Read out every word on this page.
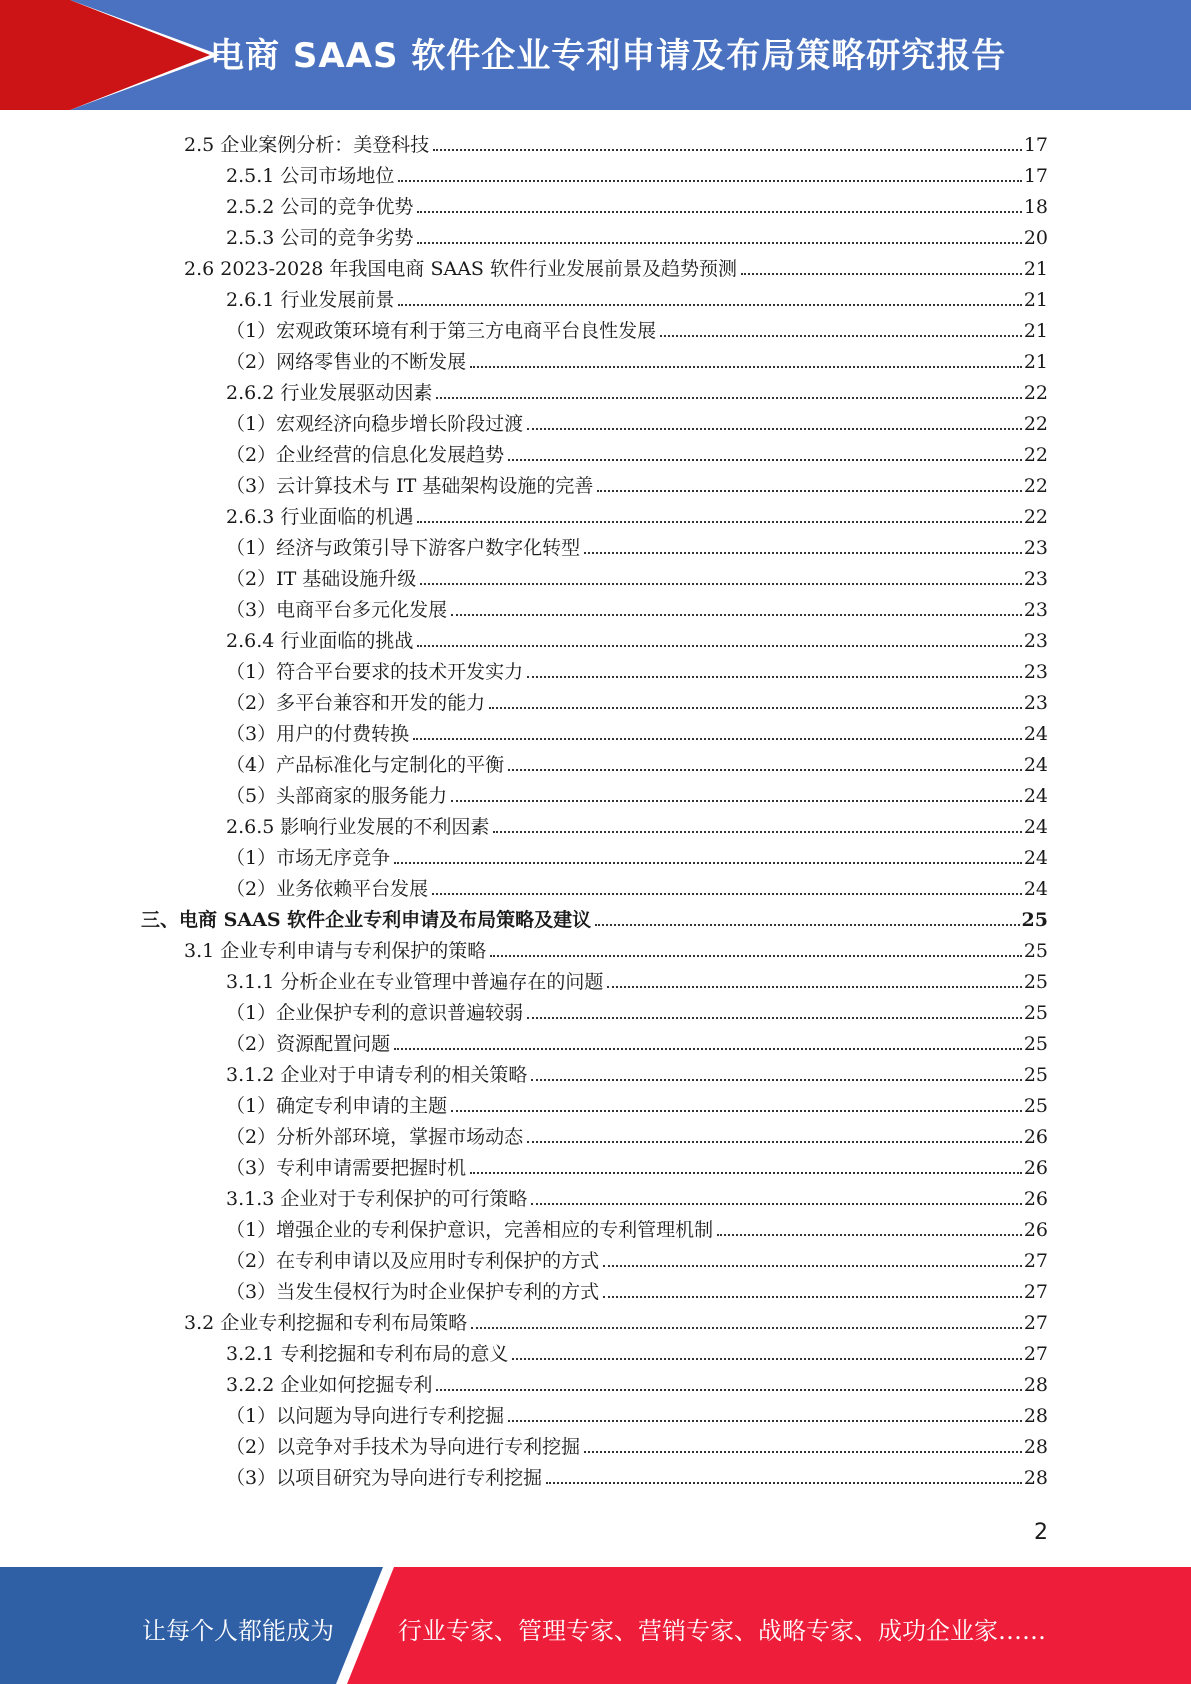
电商 SAAS 软件企业专利申请及布局策略研究报告
2.5 企业案例分析：美登科技	17
2.5.1 公司市场地位	17
2.5.2 公司的竞争优势	18
2.5.3 公司的竞争劣势	20
2.6 2023-2028 年我国电商 SAAS 软件行业发展前景及趋势预测	21
2.6.1 行业发展前景	21
（1）宏观政策环境有利于第三方电商平台良性发展	21
（2）网络零售业的不断发展	21
2.6.2 行业发展驱动因素	22
（1）宏观经济向稳步增长阶段过渡	22
（2）企业经营的信息化发展趋势	22
（3）云计算技术与 IT 基础架构设施的完善	22
2.6.3 行业面临的机遇	22
（1）经济与政策引导下游客户数字化转型	23
（2）IT 基础设施升级	23
（3）电商平台多元化发展	23
2.6.4 行业面临的挑战	23
（1）符合平台要求的技术开发实力	23
（2）多平台兼容和开发的能力	23
（3）用户的付费转换	24
（4）产品标准化与定制化的平衡	24
（5）头部商家的服务能力	24
2.6.5 影响行业发展的不利因素	24
（1）市场无序竞争	24
（2）业务依赖平台发展	24
三、电商 SAAS 软件企业专利申请及布局策略及建议	25
3.1 企业专利申请与专利保护的策略	25
3.1.1 分析企业在专业管理中普遍存在的问题	25
（1）企业保护专利的意识普遍较弱	25
（2）资源配置问题	25
3.1.2 企业对于申请专利的相关策略	25
（1）确定专利申请的主题	25
（2）分析外部环境，掌握市场动态	26
（3）专利申请需要把握时机	26
3.1.3 企业对于专利保护的可行策略	26
（1）增强企业的专利保护意识，完善相应的专利管理机制	26
（2）在专利申请以及应用时专利保护的方式	27
（3）当发生侵权行为时企业保护专利的方式	27
3.2 企业专利挖掘和专利布局策略	27
3.2.1 专利挖掘和专利布局的意义	27
3.2.2 企业如何挖掘专利	28
（1）以问题为导向进行专利挖掘	28
（2）以竞争对手技术为导向进行专利挖掘	28
（3）以项目研究为导向进行专利挖掘	28
2
让每个人都能成为	行业专家、管理专家、营销专家、战略专家、成功企业家……
